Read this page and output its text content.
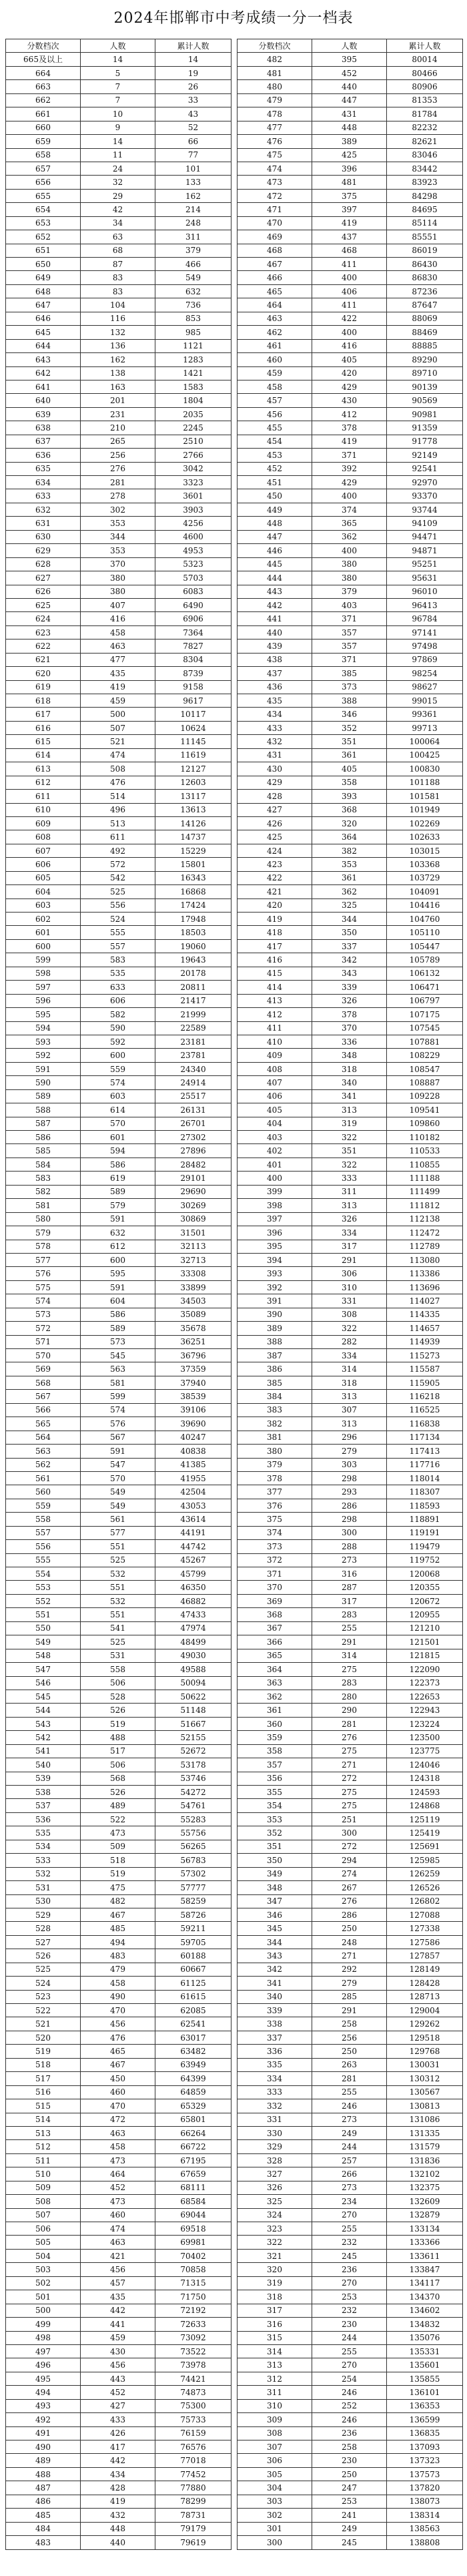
2024年邯郸市中考成绩一分一档表
分数档次	人数	累计人数
665及以上	14	14
664	5	19
663	7	26
662	7	33
661	10	43
660	9	52
659	14	66
658	11	77
657	24	101
656	32	133
655	29	162
654	42	214
653	34	248
652	63	311
651	68	379
650	87	466
649	83	549
648	83	632
647	104	736
646	116	853
645	132	985
644	136	1121
643	162	1283
642	138	1421
641	163	1583
640	201	1804
639	231	2035
638	210	2245
637	265	2510
636	256	2766
635	276	3042
634	281	3323
633	278	3601
632	302	3903
631	353	4256
630	344	4600
629	353	4953
628	370	5323
627	380	5703
626	380	6083
625	407	6490
624	416	6906
623	458	7364
622	463	7827
621	477	8304
620	435	8739
619	419	9158
618	459	9617
617	500	10117
616	507	10624
615	521	11145
614	474	11619
613	508	12127
612	476	12603
611	514	13117
610	496	13613
609	513	14126
608	611	14737
607	492	15229
606	572	15801
605	542	16343
604	525	16868
603	556	17424
602	524	17948
601	555	18503
600	557	19060
599	583	19643
598	535	20178
597	633	20811
596	606	21417
595	582	21999
594	590	22589
593	592	23181
592	600	23781
591	559	24340
590	574	24914
589	603	25517
588	614	26131
587	570	26701
586	601	27302
585	594	27896
584	586	28482
583	619	29101
582	589	29690
581	579	30269
580	591	30869
579	632	31501
578	612	32113
577	600	32713
576	595	33308
575	591	33899
574	604	34503
573	586	35089
572	589	35678
571	573	36251
570	545	36796
569	563	37359
568	581	37940
567	599	38539
566	574	39106
565	576	39690
564	567	40247
563	591	40838
562	547	41385
561	570	41955
560	549	42504
559	549	43053
558	561	43614
557	577	44191
556	551	44742
555	525	45267
554	532	45799
553	551	46350
552	532	46882
551	551	47433
550	541	47974
549	525	48499
548	531	49030
547	558	49588
546	506	50094
545	528	50622
544	526	51148
543	519	51667
542	488	52155
541	517	52672
540	506	53178
539	568	53746
538	526	54272
537	489	54761
536	522	55283
535	473	55756
534	509	56265
533	518	56783
532	519	57302
531	475	57777
530	482	58259
529	467	58726
528	485	59211
527	494	59705
526	483	60188
525	479	60667
524	458	61125
523	490	61615
522	470	62085
521	456	62541
520	476	63017
519	465	63482
518	467	63949
517	450	64399
516	460	64859
515	470	65329
514	472	65801
513	463	66264
512	458	66722
511	473	67195
510	464	67659
509	452	68111
508	473	68584
507	460	69044
506	474	69518
505	463	69981
504	421	70402
503	456	70858
502	457	71315
501	435	71750
500	442	72192
499	441	72633
498	459	73092
497	430	73522
496	456	73978
495	443	74421
494	452	74873
493	427	75300
492	433	75733
491	426	76159
490	417	76576
489	442	77018
488	434	77452
487	428	77880
486	419	78299
485	432	78731
484	448	79179
483	440	79619
分数档次	人数	累计人数
482	395	80014
481	452	80466
480	440	80906
479	447	81353
478	431	81784
477	448	82232
476	389	82621
475	425	83046
474	396	83442
473	481	83923
472	375	84298
471	397	84695
470	419	85114
469	437	85551
468	468	86019
467	411	86430
466	400	86830
465	406	87236
464	411	87647
463	422	88069
462	400	88469
461	416	88885
460	405	89290
459	420	89710
458	429	90139
457	430	90569
456	412	90981
455	378	91359
454	419	91778
453	371	92149
452	392	92541
451	429	92970
450	400	93370
449	374	93744
448	365	94109
447	362	94471
446	400	94871
445	380	95251
444	380	95631
443	379	96010
442	403	96413
441	371	96784
440	357	97141
439	357	97498
438	371	97869
437	385	98254
436	373	98627
435	388	99015
434	346	99361
433	352	99713
432	351	100064
431	361	100425
430	405	100830
429	358	101188
428	393	101581
427	368	101949
426	320	102269
425	364	102633
424	382	103015
423	353	103368
422	361	103729
421	362	104091
420	325	104416
419	344	104760
418	350	105110
417	337	105447
416	342	105789
415	343	106132
414	339	106471
413	326	106797
412	378	107175
411	370	107545
410	336	107881
409	348	108229
408	318	108547
407	340	108887
406	341	109228
405	313	109541
404	319	109860
403	322	110182
402	351	110533
401	322	110855
400	333	111188
399	311	111499
398	313	111812
397	326	112138
396	334	112472
395	317	112789
394	291	113080
393	306	113386
392	310	113696
391	331	114027
390	308	114335
389	322	114657
388	282	114939
387	334	115273
386	314	115587
385	318	115905
384	313	116218
383	307	116525
382	313	116838
381	296	117134
380	279	117413
379	303	117716
378	298	118014
377	293	118307
376	286	118593
375	298	118891
374	300	119191
373	288	119479
372	273	119752
371	316	120068
370	287	120355
369	317	120672
368	283	120955
367	255	121210
366	291	121501
365	314	121815
364	275	122090
363	283	122373
362	280	122653
361	290	122943
360	281	123224
359	276	123500
358	275	123775
357	271	124046
356	272	124318
355	275	124593
354	275	124868
353	251	125119
352	300	125419
351	272	125691
350	294	125985
349	274	126259
348	267	126526
347	276	126802
346	286	127088
345	250	127338
344	248	127586
343	271	127857
342	292	128149
341	279	128428
340	285	128713
339	291	129004
338	258	129262
337	256	129518
336	250	129768
335	263	130031
334	281	130312
333	255	130567
332	246	130813
331	273	131086
330	249	131335
329	244	131579
328	257	131836
327	266	132102
326	273	132375
325	234	132609
324	270	132879
323	255	133134
322	232	133366
321	245	133611
320	236	133847
319	270	134117
318	253	134370
317	232	134602
316	230	134832
315	244	135076
314	255	135331
313	270	135601
312	254	135855
311	246	136101
310	252	136353
309	246	136599
308	236	136835
307	258	137093
306	230	137323
305	250	137573
304	247	137820
303	253	138073
302	241	138314
301	249	138563
300	245	138808
